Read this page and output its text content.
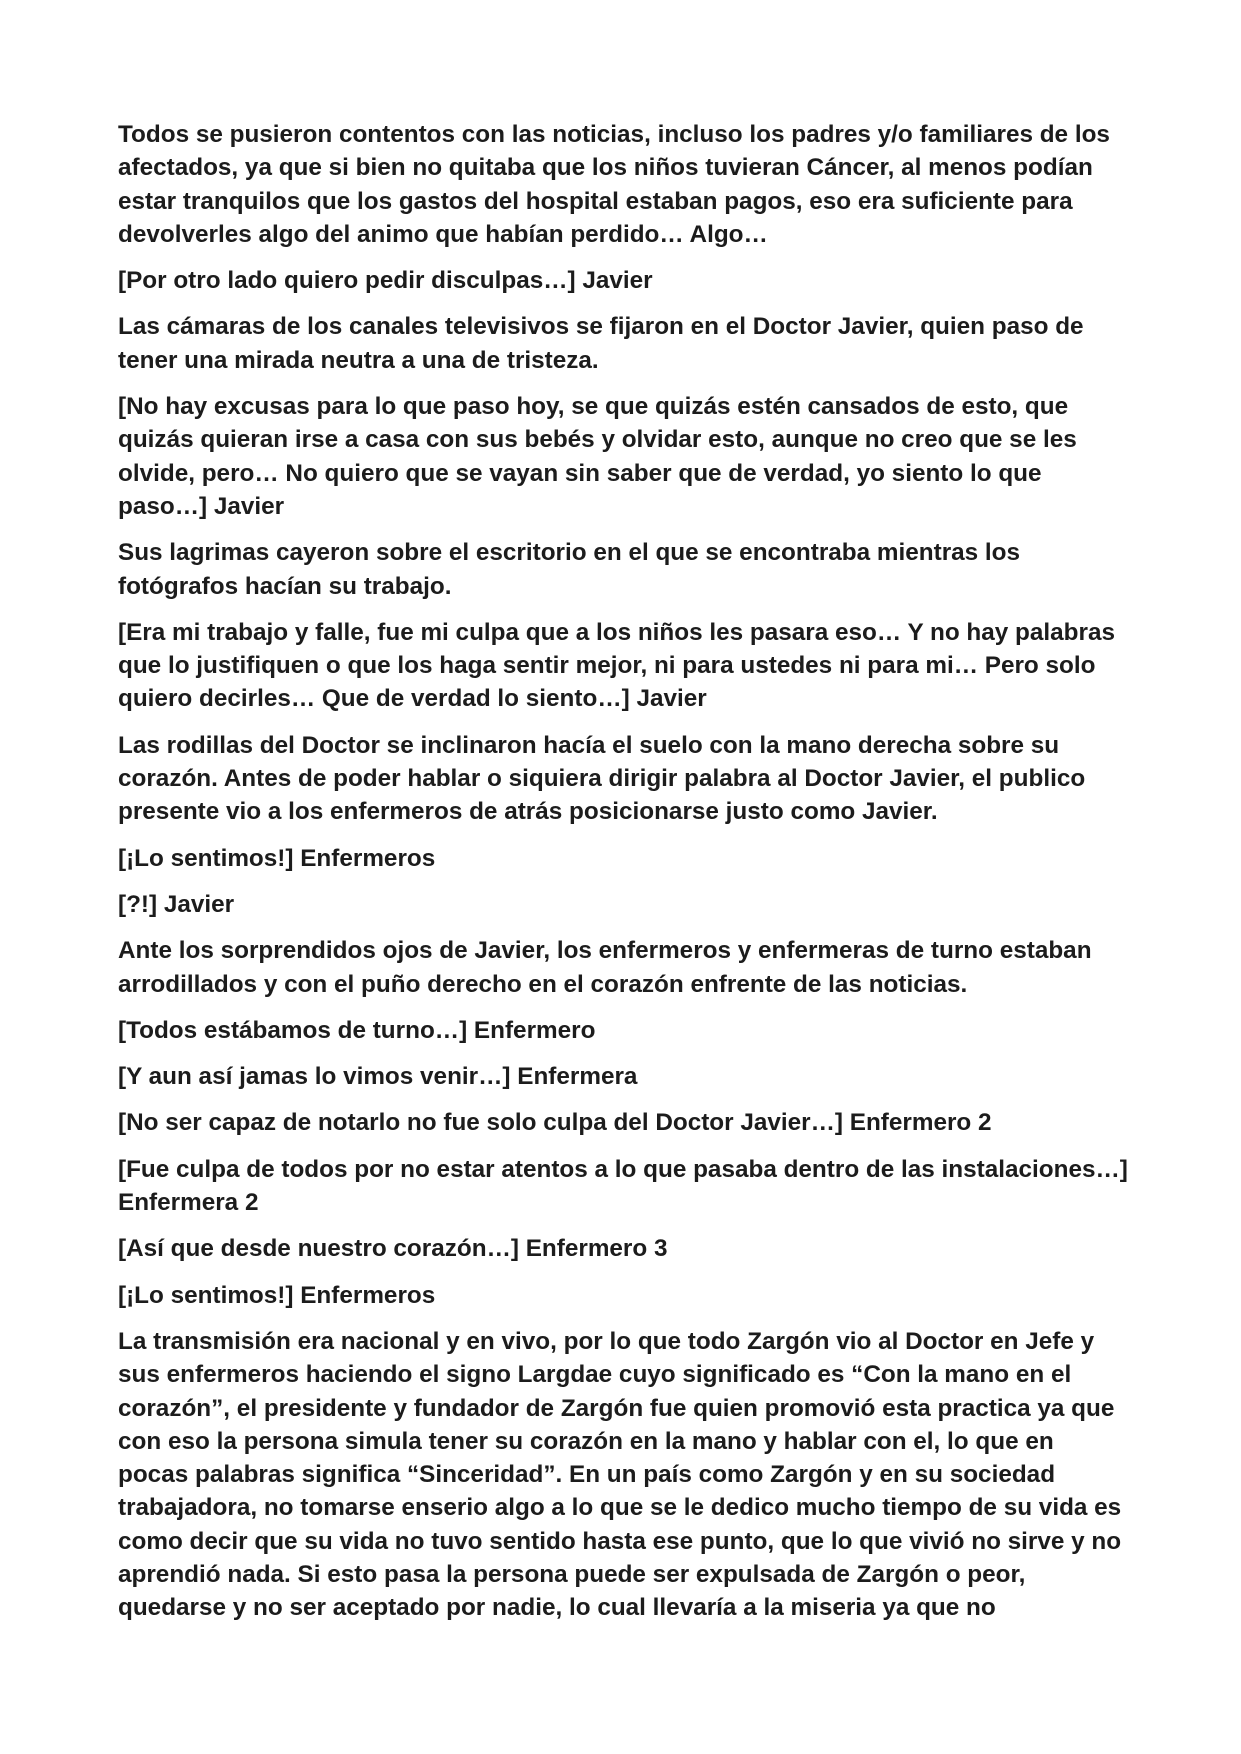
Todos se pusieron contentos con las noticias, incluso los padres y/o familiares de los afectados, ya que si bien no quitaba que los niños tuvieran Cáncer, al menos podían estar tranquilos que los gastos del hospital estaban pagos, eso era suficiente para devolverles algo del animo que habían perdido… Algo…

[Por otro lado quiero pedir disculpas…] Javier

Las cámaras de los canales televisivos se fijaron en el Doctor Javier, quien paso de tener una mirada neutra a una de tristeza.

[No hay excusas para lo que paso hoy, se que quizás estén cansados de esto, que quizás quieran irse a casa con sus bebés y olvidar esto, aunque no creo que se les olvide, pero… No quiero que se vayan sin saber que de verdad, yo siento lo que paso…] Javier

Sus lagrimas cayeron sobre el escritorio en el que se encontraba mientras los fotógrafos hacían su trabajo.

[Era mi trabajo y falle, fue mi culpa que a los niños les pasara eso… Y no hay palabras que lo justifiquen o que los haga sentir mejor, ni para ustedes ni para mi… Pero solo quiero decirles… Que de verdad lo siento…] Javier

Las rodillas del Doctor se inclinaron hacía el suelo con la mano derecha sobre su corazón. Antes de poder hablar o siquiera dirigir palabra al Doctor Javier, el publico presente vio a los enfermeros de atrás posicionarse justo como Javier.

[¡Lo sentimos!] Enfermeros

[?!] Javier

Ante los sorprendidos ojos de Javier, los enfermeros y enfermeras de turno estaban arrodillados y con el puño derecho en el corazón enfrente de las noticias.

[Todos estábamos de turno…] Enfermero

[Y aun así jamas lo vimos venir…] Enfermera

[No ser capaz de notarlo no fue solo culpa del Doctor Javier…] Enfermero 2

[Fue culpa de todos por no estar atentos a lo que pasaba dentro de las instalaciones…] Enfermera 2

[Así que desde nuestro corazón…] Enfermero 3

[¡Lo sentimos!] Enfermeros

La transmisión era nacional y en vivo, por lo que todo Zargón vio al Doctor en Jefe y sus enfermeros haciendo el signo Largdae cuyo significado es “Con la mano en el corazón”, el presidente y fundador de Zargón fue quien promovió esta practica ya que con eso la persona simula tener su corazón en la mano y hablar con el, lo que en pocas palabras significa “Sinceridad”. En un país como Zargón y en su sociedad trabajadora, no tomarse enserio algo a lo que se le dedico mucho tiempo de su vida es como decir que su vida no tuvo sentido hasta ese punto, que lo que vivió no sirve y no aprendió nada. Si esto pasa la persona puede ser expulsada de Zargón o peor, quedarse y no ser aceptado por nadie, lo cual llevaría a la miseria ya que no
